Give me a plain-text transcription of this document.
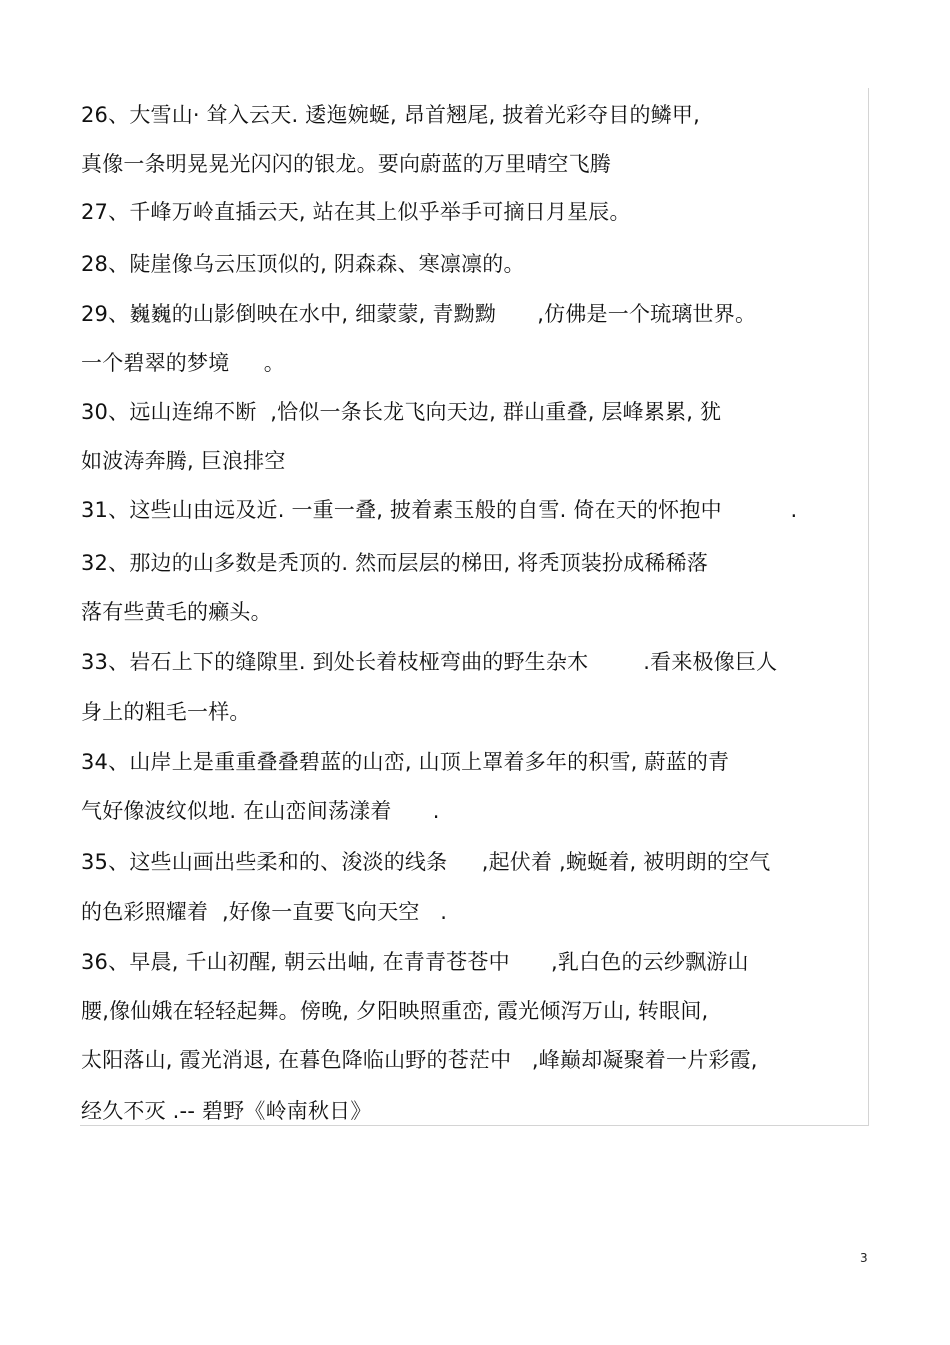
26、大雪山· 耸入云天. 逶迤婉蜒, 昂首翘尾, 披着光彩夺目的鳞甲,
真像一条明晃晃光闪闪的银龙。要向蔚蓝的万里晴空飞腾
27、千峰万岭直插云天, 站在其上似乎举手可摘日月星辰。
28、陡崖像乌云压顶似的, 阴森森、寒凛凛的。
29、巍巍的山影倒映在水中, 细蒙蒙, 青黝黝      ,仿佛是一个琉璃世界。
一个碧翠的梦境     。
30、远山连绵不断  ,恰似一条长龙飞向天边, 群山重叠, 层峰累累, 犹
如波涛奔腾, 巨浪排空
31、这些山由远及近. 一重一叠, 披着素玉般的自雪. 倚在天的怀抱中          .
32、那边的山多数是秃顶的. 然而层层的梯田, 将秃顶装扮成稀稀落
落有些黄毛的癞头。
33、岩石上下的缝隙里. 到处长着枝桠弯曲的野生杂木        .看来极像巨人
身上的粗毛一样。
34、山岸上是重重叠叠碧蓝的山峦, 山顶上罩着多年的积雪, 蔚蓝的青
气好像波纹似地. 在山峦间荡漾着      .
35、这些山画出些柔和的、浚淡的线条     ,起伏着 ,蜿蜒着, 被明朗的空气
的色彩照耀着  ,好像一直要飞向天空   .
36、早晨, 千山初醒, 朝云出岫, 在青青苍苍中      ,乳白色的云纱飘游山
腰,像仙娥在轻轻起舞。傍晚, 夕阳映照重峦, 霞光倾泻万山, 转眼间,
太阳落山, 霞光消退, 在暮色降临山野的苍茫中   ,峰巅却凝聚着一片彩霞,
经久不灭 .-- 碧野《岭南秋日》
3
